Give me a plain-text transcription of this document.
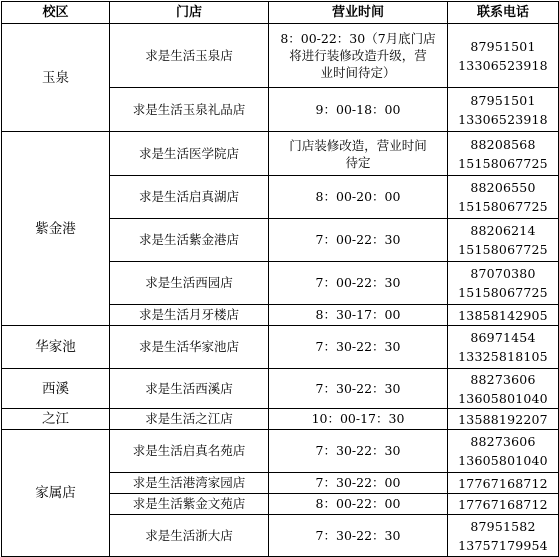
校区	门店	营业时间	联系电话
玉泉	求是生活玉泉店	8：00-22：30（7月底门店
将进行装修改造升级，营
业时间待定）	87951501
13306523918

	求是生活玉泉礼品店	9：00-18：00	87951501
13306523918

紫金港	求是生活医学院店	门店装修改造，营业时间
待定	88208568
15158067725

	求是生活启真湖店	8：00-20：00	88206550
15158067725

	求是生活紫金港店	7：00-22：30	88206214
15158067725

	求是生活西园店	7：00-22：30	87070380
15158067725

	求是生活月牙楼店	8：30-17：00	13858142905

华家池	求是生活华家池店	7：30-22：30	86971454
13325818105

西溪	求是生活西溪店	7：30-22：30	88273606
13605801040

之江	求是生活之江店	10：00-17：30	13588192207

家属店	求是生活启真名苑店	7：30-22：30	88273606
13605801040

	求是生活港湾家园店	7：30-22：00	17767168712

	求是生活紫金文苑店	8：00-22：00	17767168712

	求是生活浙大店	7：30-22：30	87951582
13757179954
